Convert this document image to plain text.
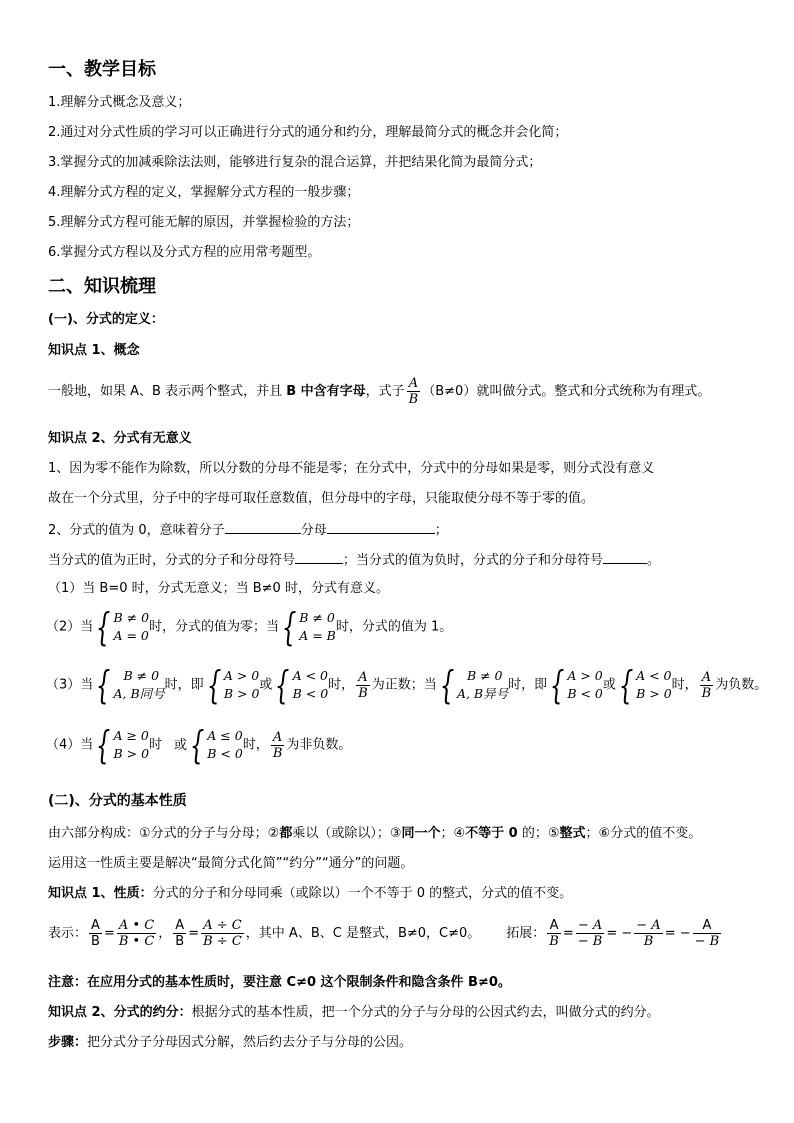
一、教学目标
1.理解分式概念及意义；
2.通过对分式性质的学习可以正确进行分式的通分和约分，理解最简分式的概念并会化简；
3.掌握分式的加减乘除法法则，能够进行复杂的混合运算，并把结果化简为最简分式；
4.理解分式方程的定义，掌握解分式方程的一般步骤；
5.理解分式方程可能无解的原因，并掌握检验的方法；
6.掌握分式方程以及分式方程的应用常考题型。
二、知识梳理
(一)、分式的定义：
知识点 1、概念
一般地，如果 A、B 表示两个整式，并且 B 中含有字母，式子 $\frac{A}{B} (B\ne 0)$就叫做分式。整式和分式统称为有理式。
知识点 2、分式有无意义
1、因为零不能作为除数，所以分数的分母不能是零；在分式中，分式中的分母如果是零，则分式没有意义
故在一个分式里，分子中的字母可取任意数值，但分母中的字母，只能取使分母不等于零的值。
2、分式的值为 0，意味着分子	分母	；
当分式的值为正时，分式的分子和分母符号	；当分式的值为负时，分式的分子和分母符号	。
（1）当 B=0 时，分式无意义；当 B≠0 时，分式有意义。
（2）当 { B ≠ 0
A = 0
时，分式的值为零；当 { B ≠ 0
A = B
时，分式的值为 1。
（3）当 {	B ≠ 0
A, B同号
时，即 { A > 0
B > 0
或 { A < 0
B < 0
时， $\frac{A}{B}$ 为正数；当 {	B ≠ 0
A, B异号
时，即 { A > 0
B < 0
或 { A < 0
B > 0
时， $\frac{A}{B}$ 为负数。
（4）当 { A ≥ 0
B > 0
时 或 { A ≤ 0
B < 0
时， $\frac{A}{B}$ 为非负数。
(二)、分式的基本性质
由六部分构成：①分式的分子与分母；②都乘以（或除以）；③同一个；④不等于 0 的；⑤整式；⑥分式的值不变。
运用这一性质主要是解决“最简分式化简”“约分”“通分”的问题。
知识点 1、性质：分式的分子和分母同乘（或除以）一个不等于 0 的整式，分式的值不变。
表示： $\frac{A}{B} = \frac{A • C}{B • C}$ ， $\frac{A}{B} = \frac{A \div C}{B \div C}$ ，其中 A、B、C 是整式，B≠0，C≠0。 拓展： $\frac{A}{B} = \frac{- A}{- B}$ = − $\frac{- A}{B}$ = − $\frac{A}{- B}$
注意：在应用分式的基本性质时，要注意 C≠0 这个限制条件和隐含条件 B≠0。
知识点 2、分式的约分：根据分式的基本性质，把一个分式的分子与分母的公因式约去，叫做分式的约分。
步骤：把分式分子分母因式分解，然后约去分子与分母的公因。
